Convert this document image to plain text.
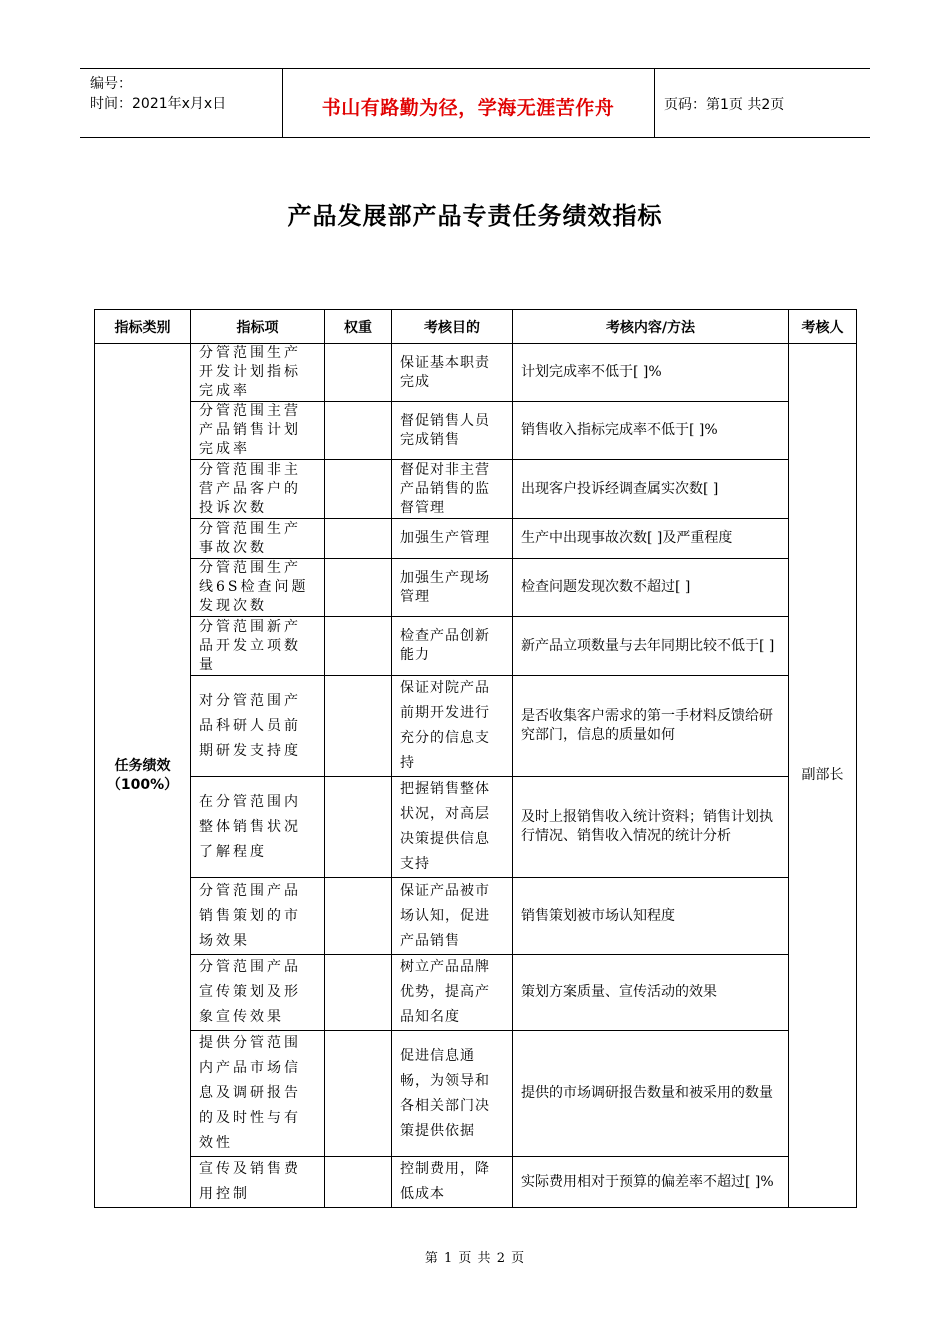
编号：
时间：2021年x月x日	书山有路勤为径，学海无涯苦作舟	页码：第1页 共2页
产品发展部产品专责任务绩效指标
指标类别	指标项	权重	考核目的	考核内容/方法	考核人

任务绩效
（100%）	分管范围生产开发计划指标完成率		保证基本职责完成	计划完成率不低于[ ]%	副部长
	分管范围主营产品销售计划完成率		督促销售人员完成销售	销售收入指标完成率不低于[ ]%	
	分管范围非主营产品客户的投诉次数		督促对非主营产品销售的监督管理	出现客户投诉经调查属实次数[ ]	
	分管范围生产事故次数		加强生产管理	生产中出现事故次数[ ]及严重程度	
	分管范围生产线6S检查问题发现次数		加强生产现场管理	检查问题发现次数不超过[ ]	
	分管范围新产品开发立项数量		检查产品创新能力	新产品立项数量与去年同期比较不低于[ ]	
	对分管范围产品科研人员前期研发支持度		保证对院产品前期开发进行充分的信息支持	是否收集客户需求的第一手材料反馈给研究部门，信息的质量如何	
	在分管范围内整体销售状况了解程度		把握销售整体状况，对高层决策提供信息支持	及时上报销售收入统计资料；销售计划执行情况、销售收入情况的统计分析	
	分管范围产品销售策划的市场效果		保证产品被市场认知，促进产品销售	销售策划被市场认知程度	
	分管范围产品宣传策划及形象宣传效果		树立产品品牌优势，提高产品知名度	策划方案质量、宣传活动的效果	
	提供分管范围内产品市场信息及调研报告的及时性与有效性		促进信息通畅，为领导和各相关部门决策提供依据	提供的市场调研报告数量和被采用的数量	
	宣传及销售费用控制		控制费用，降低成本	实际费用相对于预算的偏差率不超过[ ]%	
第 1 页 共 2 页
